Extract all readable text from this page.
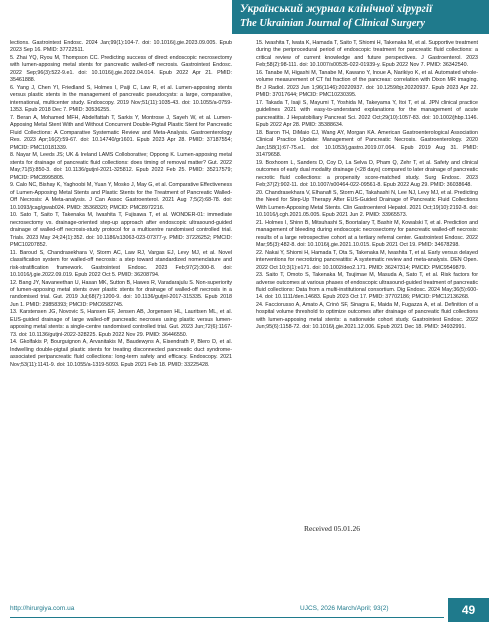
Український журнал клінічної хірургії
The Ukrainian Journal of Clinical Surgery

lections. Gastrointest Endosc. 2024 Jan;99(1):104-7. doi: 10.1016/j.gie.2023.09.005. Epub 2023 Sep 16. PMID: 37722511.

5. Zhai YQ, Ryou M, Thompson CC. Predicting success of direct endoscopic necrosectomy with lumen-apposing metal stents for pancreatic walled-off necrosis. Gastrointest Endosc. 2022 Sep;96(3):522-9.e1. doi: 10.1016/j.gie.2022.04.014. Epub 2022 Apr 21. PMID: 35461888.

6. Yang J, Chen YI, Friedland S, Holmes I, Paiji C, Law R, et al. Lumen-apposing stents versus plastic stents in the management of pancreatic pseudocysts: a large, comparative, international, multicenter study. Endoscopy. 2019 Nov;51(11):1035-43. doi: 10.1055/a-0759-1353. Epub 2018 Dec 7. PMID: 30536255.

7. Beran A, Mohamed MFH, Abdelfattah T, Sarkis Y, Montrose J, Sayeh W, et al. Lumen-Apposing Metal Stent With and Without Concurrent Double-Pigtail Plastic Stent for Pancreatic Fluid Collections: A Comparative Systematic Review and Meta-Analysis. Gastroenterology Res. 2023 Apr;16(2):59-67. doi: 10.14740/gr1601. Epub 2023 Apr 28. PMID: 37187554; PMCID: PMC10181339.

8. Nayar M, Leeds JS; UK & Ireland LAMS Colloborative; Oppong K. Lumen-apposing metal stents for drainage of pancreatic fluid collections: does timing of removal matter? Gut. 2022 May;71(5):850-3. doi: 10.1136/gutjnl-2021-325812. Epub 2022 Feb 25. PMID: 35217579; PMCID: PMC8995805.

9. Calo NC, Bishay K, Yaghoobi M, Yuan Y, Mosko J, May G, et al. Comparative Effectiveness of Lumen-Apposing Metal Stents and Plastic Stents for the Treatment of Pancreatic Walled-Off Necrosis: A Meta-analysis. J Can Assoc Gastroenterol. 2021 Aug 7;5(2):68-78. doi: 10.1093/jcag/gwab024. PMID: 35368320; PMCID: PMC8972216.

10. Sato T, Saito T, Takenaka M, Iwashita T, Fujisawa T, et al. WONDER-01: immediate necrosectomy vs. drainage-oriented step-up approach after endoscopic ultrasound-guided drainage of walled-off necrosis-study protocol for a multicentre randomised controlled trial. Trials. 2023 May 24;24(1):352. doi: 10.1186/s13063-023-07377-y. PMID: 37226252; PMCID: PMC10207852.

11. Baroud S, Chandrasekhara V, Storm AC, Law RJ, Vargas EJ, Levy MJ, et al. Novel classification system for walled-off necrosis: a step toward standardized nomenclature and risk-stratification framework. Gastrointest Endosc. 2023 Feb;97(2):300-8. doi: 10.1016/j.gie.2022.09.019. Epub 2022 Oct 5. PMID: 36208794.

12. Bang JY, Navaneethan U, Hasan MK, Sutton B, Hawes R, Varadarajulu S. Non-superiority of lumen-apposing metal stents over plastic stents for drainage of walled-off necrosis in a randomised trial. Gut. 2019 Jul;68(7):1200-9. doi: 10.1136/gutjnl-2017-315335. Epub 2018 Jun 1. PMID: 29858393; PMCID: PMC6582745.

13. Karstensen JG, Novovic S, Hansen EF, Jensen AB, Jorgensen HL, Lauritsen ML, et al. EUS-guided drainage of large walled-off pancreatic necroses using plastic versus lumen-apposing metal stents: a single-centre randomised controlled trial. Gut. 2023 Jun;72(6):1167-73. doi: 10.1136/gutjnl-2022-328225. Epub 2022 Nov 29. PMID: 36446550.

14. Gkolfakis P, Bourguignon A, Arvanitakis M, Baudewyns A, Eisendrath P, Blero D, et al. Indwelling double-pigtail plastic stents for treating disconnected pancreatic duct syndrome-associated peripancreatic fluid collections: long-term safety and efficacy. Endoscopy. 2021 Nov;53(11):1141-9. doi: 10.1055/a-1319-5093. Epub 2021 Feb 18. PMID: 33225428.

15. Iwashita T, Iwata K, Hamada T, Saito T, Shiomi H, Takenaka M, et al. Supportive treatment during the periprocedural period of endoscopic treatment for pancreatic fluid collections: a critical review of current knowledge and future perspectives. J Gastroenterol. 2023 Feb;58(2):98-111. doi: 10.1007/s00535-022-01939-y. Epub 2022 Nov 7. PMID: 36342540.

16. Tanabe M, Higashi M, Tanabe M, Kawano Y, Inoue A, Narikiyo K, et al. Automated whole-volume measurement of CT fat fraction of the pancreas: correlation with Dixon MR imaging. Br J Radiol. 2023 Jun 1;96(1146):20220937. doi: 10.1259/bjr.20220937. Epub 2023 Apr 22. PMID: 37017644; PMCID: PMC10230395.

17. Takada T, Isaji S, Mayumi T, Yoshida M, Takeyama Y, Itoi T, et al. JPN clinical practice guidelines 2021 with easy-to-understand explanations for the management of acute pancreatitis. J Hepatobiliary Pancreat Sci. 2022 Oct;29(10):1057-83. doi: 10.1002/jhbp.1146. Epub 2022 Apr 28. PMID: 35388634.

18. Baron TH, DiMaio CJ, Wang AY, Morgan KA. American Gastroenterological Association Clinical Practice Update: Management of Pancreatic Necrosis. Gastroenterology. 2020 Jan;158(1):67-75.e1. doi: 10.1053/j.gastro.2019.07.064. Epub 2019 Aug 31. PMID: 31479658.

19. Boxhoorn L, Sanders D, Coy D, La Selva D, Pham Q, Zehr T, et al. Safety and clinical outcomes of early dual modality drainage (<28 days) compared to later drainage of pancreatic necrotic fluid collections: a propensity score-matched study. Surg Endosc. 2023 Feb;37(2):902-11. doi: 10.1007/s00464-022-09561-8. Epub 2022 Aug 29. PMID: 36038648.

20. Chandrasekhara V, Elhanafi S, Storm AC, Takahashi N, Lee NJ, Levy MJ, et al. Predicting the Need for Step-Up Therapy After EUS-Guided Drainage of Pancreatic Fluid Collections With Lumen-Apposing Metal Stents. Clin Gastroenterol Hepatol. 2021 Oct;19(10):2192-8. doi: 10.1016/j.cgh.2021.05.005. Epub 2021 Jun 2. PMID: 33965573.

21. Holmes I, Shinn B, Mitsuhashi S, Boortalary T, Bashir M, Kowalski T, et al. Prediction and management of bleeding during endoscopic necrosectomy for pancreatic walled-off necrosis: results of a large retrospective cohort at a tertiary referral center. Gastrointest Endosc. 2022 Mar;95(3):482-8. doi: 10.1016/j.gie.2021.10.015. Epub 2021 Oct 19. PMID: 34678298.

22. Nakai Y, Shiomi H, Hamada T, Ota S, Takenaka M, Iwashita T, et al. Early versus delayed interventions for necrotizing pancreatitis: A systematic review and meta-analysis. DEN Open. 2022 Oct 10;3(1):e171. doi: 10.1002/deo2.171. PMID: 36247314; PMCID: PMC9549879.

23. Saito T, Omoto S, Takenaka M, Tsujimae M, Masuda A, Sato T, et al. Risk factors for adverse outcomes at various phases of endoscopic ultrasound-guided treatment of pancreatic fluid collections: Data from a multi-institutional consortium. Dig Endosc. 2024 May;36(5):600-14. doi: 10.1111/den.14683. Epub 2023 Oct 17. PMID: 37702186; PMCID: PMC12136268.

24. Facciorusso A, Amato A, Crinò SF, Sinagra E, Maida M, Fugazza A, et al. Definition of a hospital volume threshold to optimize outcomes after drainage of pancreatic fluid collections with lumen-apposing metal stents: a nationwide cohort study. Gastrointest Endosc. 2022 Jun;95(6):1158-72. doi: 10.1016/j.gie.2021.12.006. Epub 2021 Dec 18. PMID: 34932991.

Received 05.01.26
http://hirurgiya.com.ua	UJCS, 2026 March/April; 93(2)	49
